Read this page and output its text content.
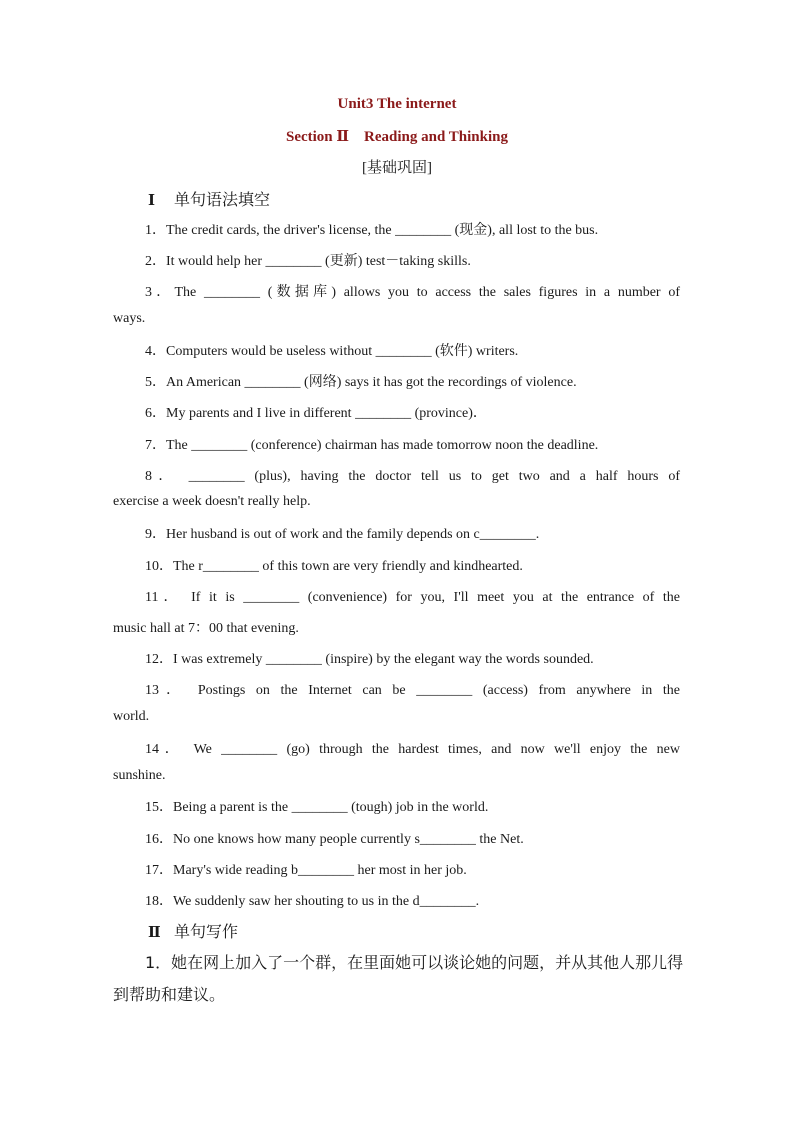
Unit3 The internet
Section Ⅱ　Reading and Thinking
[基础巩固]
Ⅰ 单句语法填空
1．The credit cards, the driver's license, the ________ (现金), all lost to the bus.
2．It would help her ________ (更新) test－taking skills.
3．The ________ (数据库) allows you to access the sales figures in a number of
ways.
4．Computers would be useless without ________ (软件) writers.
5．An American ________ (网络) says it has got the recordings of violence.
6．My parents and I live in different ________ (province)．
7．The ________ (conference) chairman has made tomorrow noon the deadline.
8． ________ (plus), having the doctor tell us to get two and a half hours of
exercise a week doesn't really help.
9．Her husband is out of work and the family depends on c________.
10．The r________ of this town are very friendly and kindhearted.
11． If it is ________ (convenience) for you, I'll meet you at the entrance of the
music hall at 7：00 that evening.
12．I was extremely ________ (inspire) by the elegant way the words sounded.
13． Postings on the Internet can be ________ (access) from anywhere in the
world.
14． We ________ (go) through the hardest times, and now we'll enjoy the new
sunshine.
15．Being a parent is the ________ (tough) job in the world.
16．No one knows how many people currently s________ the Net.
17．Mary's wide reading b________ her most in her job.
18．We suddenly saw her shouting to us in the d________.
Ⅱ 单句写作
1．她在网上加入了一个群，在里面她可以谈论她的问题，并从其他人那儿得
到帮助和建议。
